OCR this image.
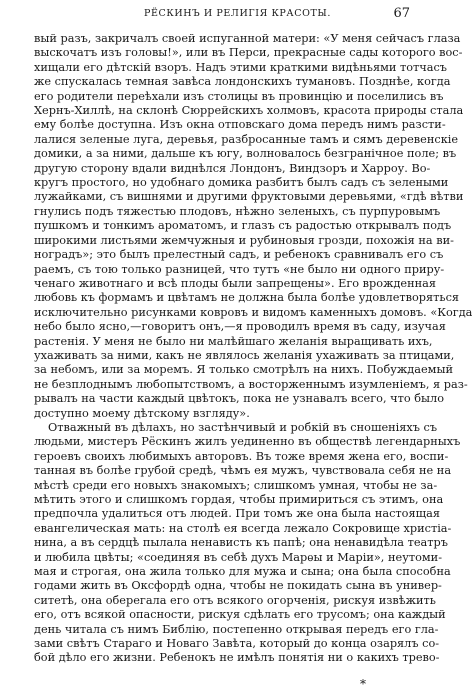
РЁСКИНЪ И РЕЛИГІЯ КРАСОТЫ.	67
вый разъ, закричалъ своей испуганной матери: «У меня сейчасъ глаза
выскочатъ изъ головы!», или въ Перси, прекрасные сады которого вос-
хищали его дѣтскій взоръ. Надъ этими краткими видѣньями тотчасъ
же спускалась темная завѣса лондонскихъ тумановъ. Позднѣе, когда
его родители переѣхали изъ столицы въ провинцію и поселились въ
Хернъ-Хиллѣ, на склонѣ Сюррейскихъ холмовъ, красота природы стала
ему болѣе доступна. Изъ окна отповскаго дома передъ нимъ разсти-
лалися зеленые луга, деревья, разбросанные тамъ и сямъ деревенскіе
домики, а за ними, дальше къ югу, волновалось безгранічное поле; въ
другую сторону вдали виднѣлся Лондонъ, Виндзоръ и Харроу. Во-
кругъ простого, но удобнаго домика разбитъ былъ садъ съ зелеными
лужайками, съ вишнями и другими фруктовыми деревьями, «гдѣ вѣтви
гнулись подъ тяжестью плодовъ, нѣжно зеленыхъ, съ пурпуровымъ
пушкомъ и тонкимъ ароматомъ, и глазъ съ радостью открывалъ подъ
широкими листьями жемчужныя и рубиновыя грозди, похожія на ви-
ноградъ»; это былъ прелестный садъ, и ребенокъ сравнивалъ его съ
раемъ, съ тою только разницей, что тутъ «не было ни одного приру-
ченаго животнаго и всѣ плоды были запрещены». Его врожденная
любовь къ формамъ и цвѣтамъ не должна была болѣе удовлетворяться
исключительно рисунками ковровъ и видомъ каменныхъ домовъ. «Когда
небо было ясно,—говоритъ онъ,—я проводилъ время въ саду, изучая
растенія. У меня не было ни малѣйшаго желанія выращивать ихъ,
ухаживать за ними, какъ не являлось желанія ухаживать за птицами,
за небомъ, или за моремъ. Я только смотрѣлъ на нихъ. Побуждаемый
не безплоднымъ любопытствомъ, а восторженнымъ изумленіемъ, я раз-
рывалъ на части каждый цвѣтокъ, пока не узнавалъ всего, что было
доступно моему дѣтскому взгляду».
Отважный въ дѣлахъ, но застѣнчивый и робкій въ сношеніяхъ съ
людьми, мистеръ Рёскинъ жилъ уединенно въ обществѣ легендарныхъ
героевъ своихъ любимыхъ авторовъ. Въ тоже время жена его, воспи-
танная въ болѣе грубой средѣ, чѣмъ ея мужъ, чувствовала себя не на
мѣстѣ среди его новыхъ знакомыхъ; слишкомъ умная, чтобы не за-
мѣтить этого и слишкомъ гордая, чтобы примириться съ этимъ, она
предпочла удалиться отъ людей. При томъ же она была настоящая
евангелическая мать: на столѣ ея всегда лежало Сокровище христіа-
нина, а въ сердцѣ пылала ненависть къ папѣ; она ненавидѣла театръ
и любила цвѣты; «соединяя въ себѣ духъ Марѳы и Маріи», неутоми-
мая и строгая, она жила только для мужа и сына; она была способна
годами жить въ Оксфордѣ одна, чтобы не покидать сына въ универ-
ситетѣ, она оберегала его отъ всякого огорченія, рискуя извѣжить
его, отъ всякой опасности, рискуя сдѣлать его трусомъ; она каждый
день читала съ нимъ Библію, постепенно открывая передъ его гла-
зами свѣтъ Стараго и Новаго Завѣта, который до конца озарялъ со-
бой дѣло его жизни. Ребенокъ не имѣлъ понятія ни о какихъ трево-
*
